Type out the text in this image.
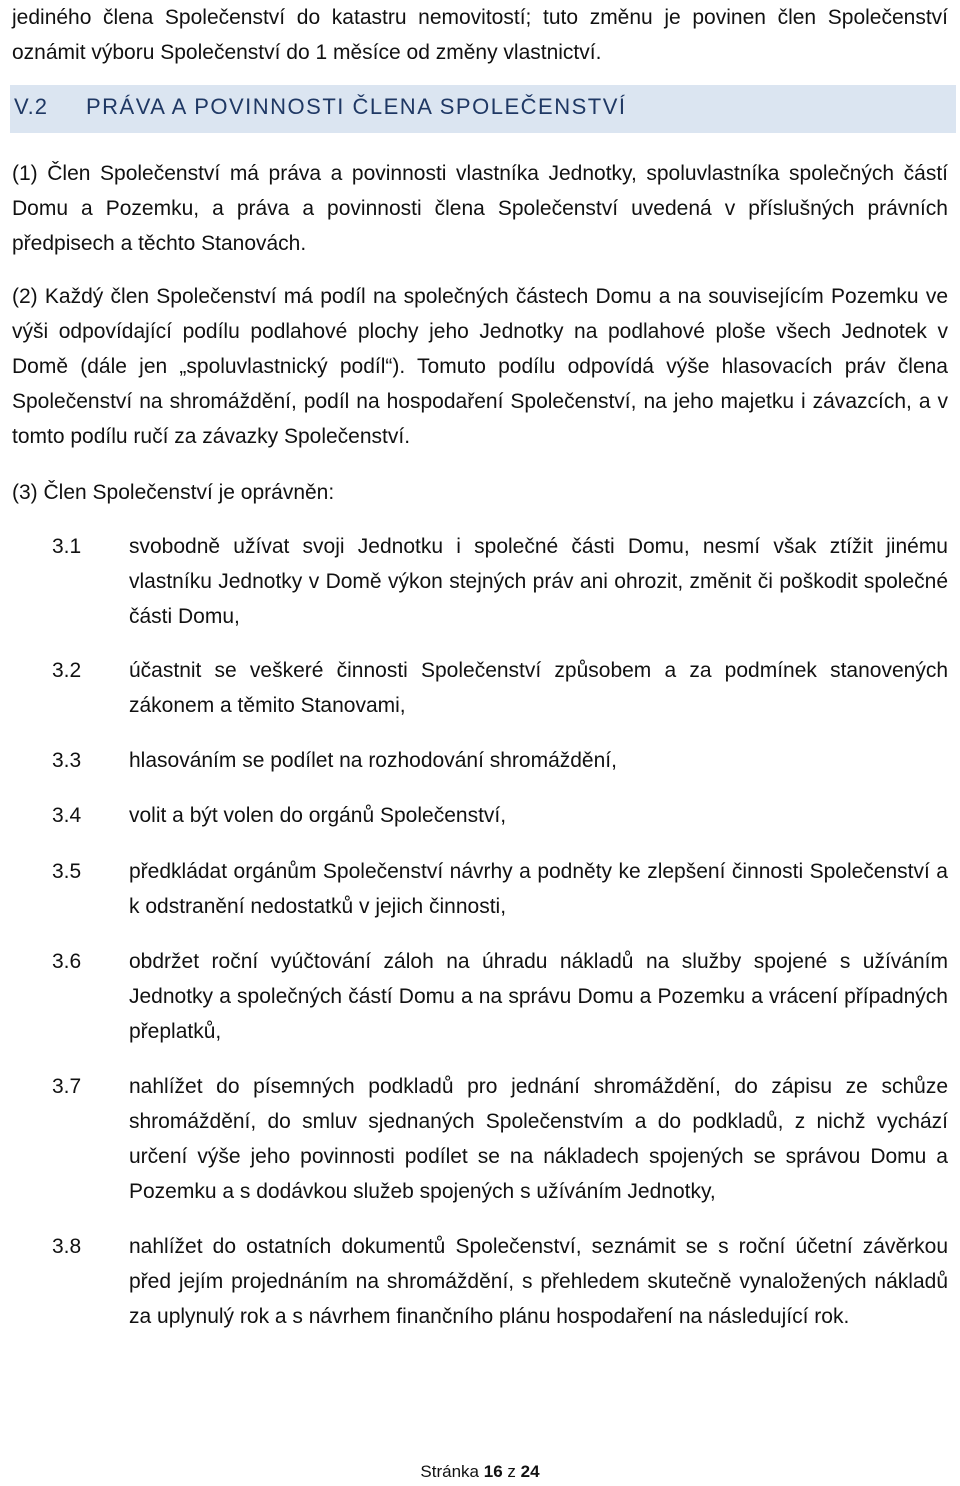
jediného člena Společenství do katastru nemovitostí; tuto změnu je povinen člen Společenství oznámit výboru Společenství do 1 měsíce od změny vlastnictví.
V.2 PRÁVA A POVINNOSTI ČLENA SPOLEČENSTVÍ
(1) Člen Společenství má práva a povinnosti vlastníka Jednotky, spoluvlastníka společných částí Domu a Pozemku, a práva a povinnosti člena Společenství uvedená v příslušných právních předpisech a těchto Stanovách.
(2) Každý člen Společenství má podíl na společných částech Domu a na souvisejícím Pozemku ve výši odpovídající podílu podlahové plochy jeho Jednotky na podlahové ploše všech Jednotek v Domě (dále jen „spoluvlastnický podíl“). Tomuto podílu odpovídá výše hlasovacích práv člena Společenství na shromáždění, podíl na hospodaření Společenství, na jeho majetku i závazcích, a v tomto podílu ručí za závazky Společenství.
(3) Člen Společenství je oprávněn:
3.1 svobodně užívat svoji Jednotku i společné části Domu, nesmí však ztížit jinému vlastníku Jednotky v Domě výkon stejných práv ani ohrozit, změnit či poškodit společné části Domu,
3.2 účastnit se veškeré činnosti Společenství způsobem a za podmínek stanovených zákonem a těmito Stanovami,
3.3 hlasováním se podílet na rozhodování shromáždění,
3.4 volit a být volen do orgánů Společenství,
3.5 předkládat orgánům Společenství návrhy a podněty ke zlepšení činnosti Společenství a k odstranění nedostatků v jejich činnosti,
3.6 obdržet roční vyúčtování záloh na úhradu nákladů na služby spojené s užíváním Jednotky a společných částí Domu a na správu Domu a Pozemku a vrácení případných přeplatků,
3.7 nahlížet do písemných podkladů pro jednání shromáždění, do zápisu ze schůze shromáždění, do smluv sjednaných Společenstvím a do podkladů, z nichž vychází určení výše jeho povinnosti podílet se na nákladech spojených se správou Domu a Pozemku a s dodávkou služeb spojených s užíváním Jednotky,
3.8 nahlížet do ostatních dokumentů Společenství, seznámit se s roční účetní závěrkou před jejím projednáním na shromáždění, s přehledem skutečně vynaložených nákladů za uplynulý rok a s návrhem finančního plánu hospodaření na následující rok.
Stránka 16 z 24
